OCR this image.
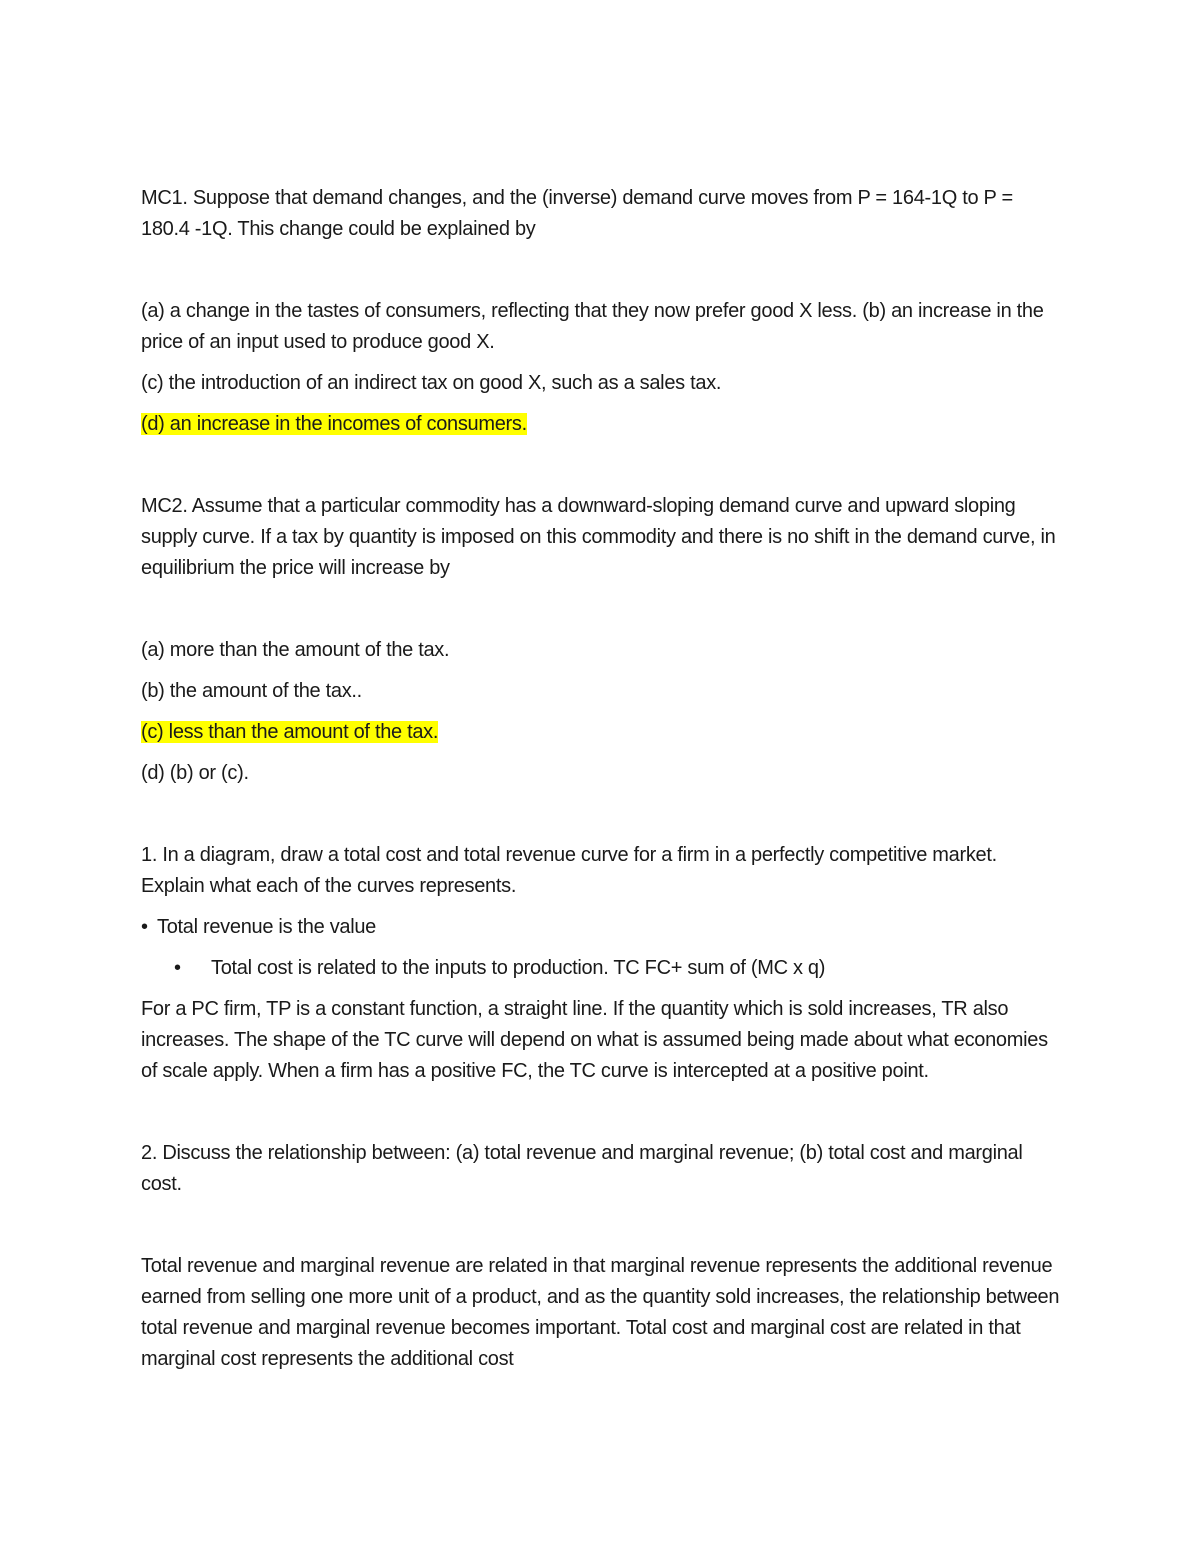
MC1. Suppose that demand changes, and the (inverse) demand curve moves from P = 164-1Q to P = 180.4 -1Q. This change could be explained by

(a) a change in the tastes of consumers, reflecting that they now prefer good X less. (b) an increase in the price of an input used to produce good X.

(c) the introduction of an indirect tax on good X, such as a sales tax.

(d) an increase in the incomes of consumers.

MC2. Assume that a particular commodity has a downward-sloping demand curve and upward sloping supply curve. If a tax by quantity is imposed on this commodity and there is no shift in the demand curve, in equilibrium the price will increase by

(a) more than the amount of the tax.

(b) the amount of the tax..

(c) less than the amount of the tax.

(d) (b) or (c).

1. In a diagram, draw a total cost and total revenue curve for a firm in a perfectly competitive market. Explain what each of the curves represents.

• Total revenue is the value

• Total cost is related to the inputs to production. TC FC+ sum of (MC x q)

For a PC firm, TP is a constant function, a straight line. If the quantity which is sold increases, TR also increases. The shape of the TC curve will depend on what is assumed being made about what economies of scale apply. When a firm has a positive FC, the TC curve is intercepted at a positive point.

2. Discuss the relationship between: (a) total revenue and marginal revenue; (b) total cost and marginal cost.

Total revenue and marginal revenue are related in that marginal revenue represents the additional revenue earned from selling one more unit of a product, and as the quantity sold increases, the relationship between total revenue and marginal revenue becomes important. Total cost and marginal cost are related in that marginal cost represents the additional cost
